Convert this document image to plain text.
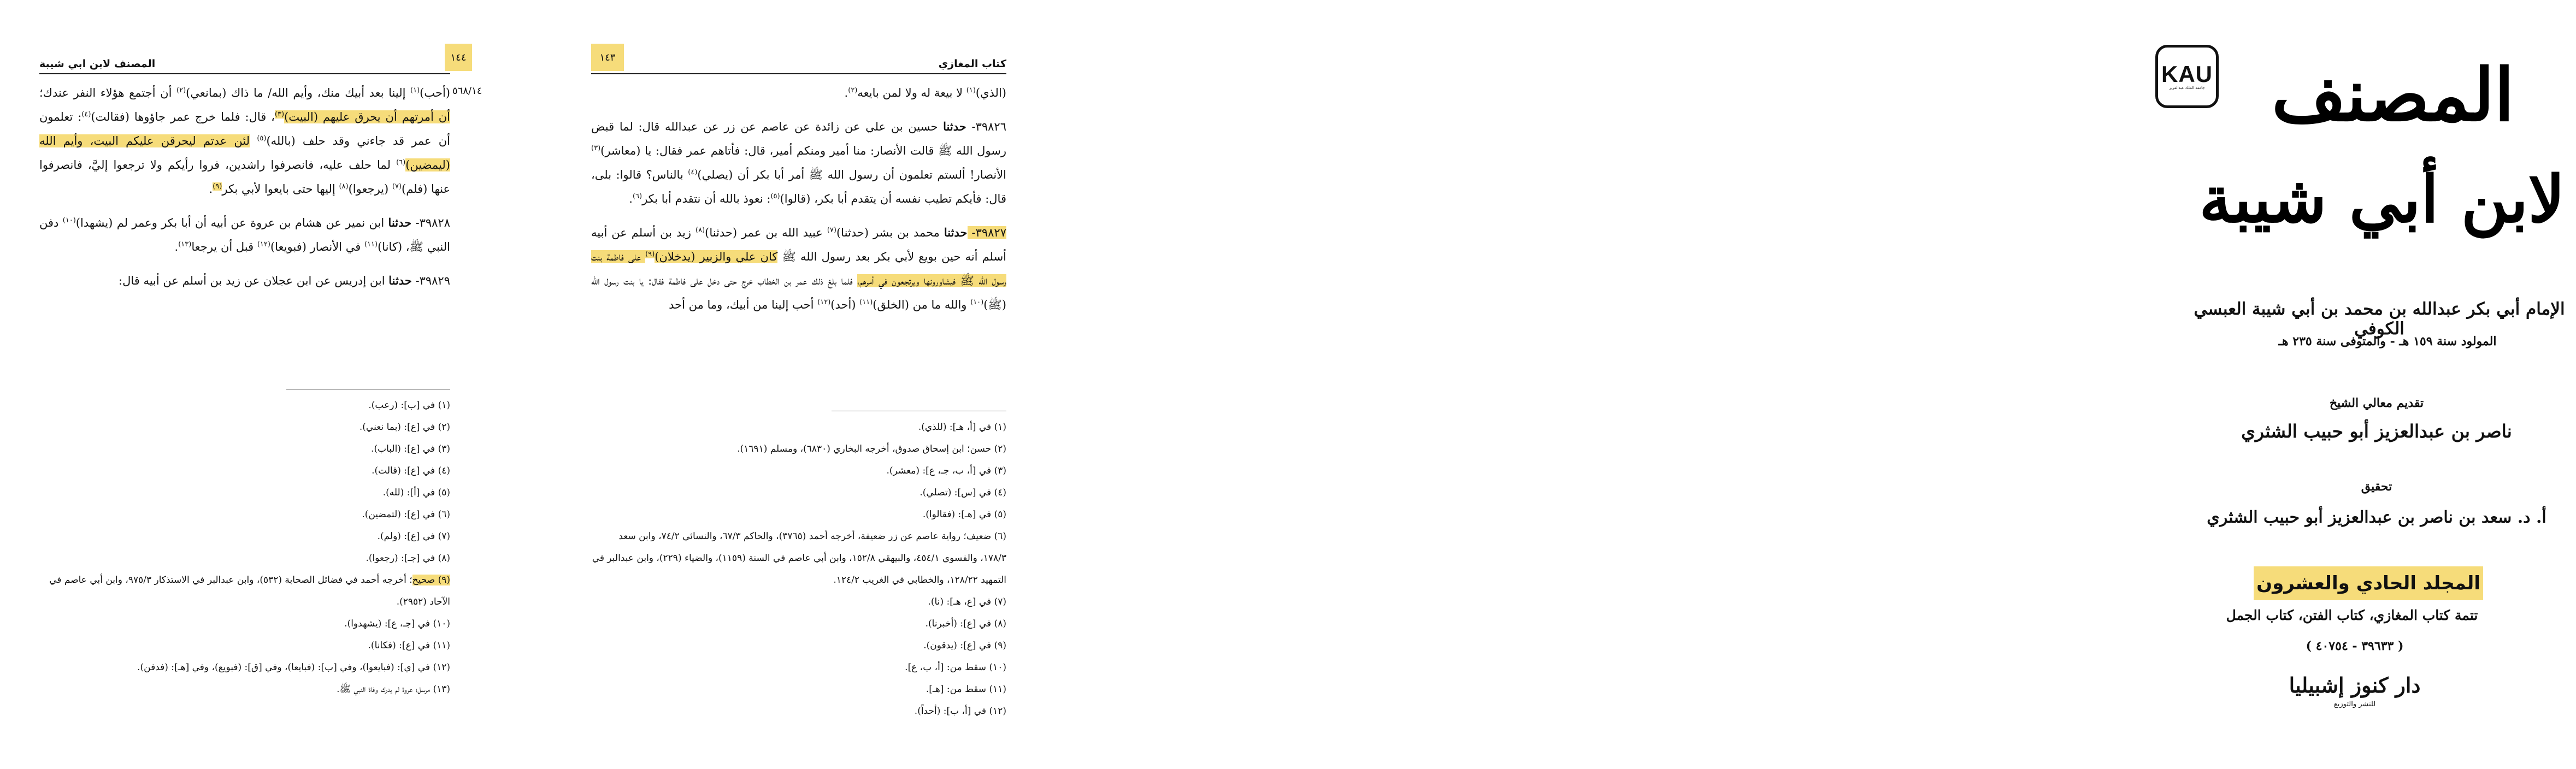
المصنف لابن ابي شيبة
١٤٤
٥٦٨/١٤

(أحب)$^{(١)}$ إلينا بعد أبيك منك، وأيم الله/ ما ذاك (بمانعي)$^{(٢)}$ أن أجتمع هؤلاء النفر عندك؛ أن أمرتهم أن يحرق عليهم (البيت)$^{(٣)}$، قال: فلما خرج عمر جاؤوها (فقالت)$^{(٤)}$: تعلمون أن عمر قد جاءني وقد حلف (بالله)$^{(٥)}$ لئن عدتم ليحرقن عليكم البيت، وأيم الله (ليمضين)$^{(٦)}$ لما حلف عليه، فانصرفوا راشدين، فروا رأيكم ولا ترجعوا إليَّ، فانصرفوا عنها (فلم)$^{(٧)}$ (يرجعوا)$^{(٨)}$ إليها حتى بايعوا لأبي بكر$^{(٩)}$.

٣٩٨٢٨- حدثنا ابن نمير عن هشام بن عروة عن أبيه أن أبا بكر وعمر لم (يشهدا)$^{(١٠)}$ دفن النبي ﷺ، (كانا)$^{(١١)}$ في الأنصار (فبويعا)$^{(١٢)}$ قبل أن يرجعا$^{(١٣)}$.

٣٩٨٢٩- حدثنا ابن إدريس عن ابن عجلان عن زيد بن أسلم عن أبيه قال:

(١) في [ب]: (رعب).
(٢) في [ع]: (بما نعني).
(٣) في [ع]: (الباب).
(٤) في [ع]: (قالت).
(٥) في [أ]: (لله).
(٦) في [ع]: (لتمضين).
(٧) في [ع]: (ولم).
(٨) في [جـ]: (رجعوا).
(٩) صحيح؛ أخرجه أحمد في فضائل الصحابة (٥٣٢)، وابن عبدالبر في الاستذكار ٩٧٥/٣، وابن أبي عاصم في الآحاد (٢٩٥٢).
(١٠) في [جـ، ع]: (يشهدوا).
(١١) في [ع]: (فكانا).
(١٢) في [ي]: (فبايعوا)، وفي [ب]: (فبايعا)، وفي [ق]: (فبويع)، وفي [هـ]: (فدفن).
(١٣) مرسل؛ عروة لم يدرك وفاة النبي ﷺ.
كتاب المغازي
١٤٣

(الذي)$^{(١)}$ لا بيعة له ولا لمن بايعه$^{(٢)}$.

٣٩٨٢٦- حدثنا حسين بن علي عن زائدة عن عاصم عن زر عن عبدالله قال: لما قبض رسول الله ﷺ قالت الأنصار: منا أمير ومنكم أمير، قال: فأتاهم عمر فقال: يا (معاشر)$^{(٣)}$ الأنصار! ألستم تعلمون أن رسول الله ﷺ أمر أبا بكر أن (يصلي)$^{(٤)}$ بالناس؟ قالوا: بلى، قال: فأيكم تطيب نفسه أن يتقدم أبا بكر، (قالوا)$^{(٥)}$: نعوذ بالله أن نتقدم أبا بكر$^{(٦)}$.

٣٩٨٢٧- حدثنا محمد بن بشر (حدثنا)$^{(٧)}$ عبيد الله بن عمر (حدثنا)$^{(٨)}$ زيد بن أسلم عن أبيه أسلم أنه حين بويع لأبي بكر بعد رسول الله ﷺ كان علي والزبير (يدخلان)$^{(٩)}$ على فاطمة بنت رسول الله ﷺ فيشاورونها ويرتجعون في أمرهم، فلما بلغ ذلك عمر بن الخطاب خرج حتى دخل على فاطمة فقال: يا بنت رسول الله (ﷺ)$^{(١٠)}$ والله ما من (الخلق)$^{(١١)}$ (أحد)$^{(١٢)}$ أحب إلينا من أبيك، وما من أحد

(١) في [أ، هـ]: (للذي).
(٢) حسن؛ ابن إسحاق صدوق، أخرجه البخاري (٦٨٣٠)، ومسلم (١٦٩١).
(٣) في [أ، ب، جـ، ع]: (معشر).
(٤) في [س]: (تصلي).
(٥) في [هـ]: (فقالوا).
(٦) ضعيف؛ رواية عاصم عن زر ضعيفة، أخرجه أحمد (٣٧٦٥)، والحاكم ٦٧/٣، والنسائي ٧٤/٢، وابن سعد ١٧٨/٣، والفسوي ٤٥٤/١، والبيهقي ١٥٢/٨، وابن أبي عاصم في السنة (١١٥٩)، والضياء (٢٢٩)، وابن عبدالبر في التمهيد ١٢٨/٢٢، والخطابي في الغريب ١٢٤/٢.
(٧) في [ع، هـ]: (نا).
(٨) في [ع]: (أخبرنا).
(٩) في [ع]: (يدقون).
(١٠) سقط من: [أ، ب، ع].
(١١) سقط من: [هـ].
(١٢) في [أ، ب]: (أحداً).
KAU
جامعة الملك عبدالعزيز المصنف
لابن أبي شيبة
الإمام أبي بكر عبدالله بن محمد بن أبي شيبة العبسي الكوفي
المولود سنة ١٥٩ هـ - والمتوفى سنة ٢٣٥ هـ
تقديم معالي الشيخ
ناصر بن عبدالعزيز أبو حبيب الشثري
تحقيق
أ. د. سعد بن ناصر بن عبدالعزيز أبو حبيب الشثري
المجلد الحادي والعشرون
تتمة كتاب المغازي، كتاب الفتن، كتاب الجمل
( ٣٩٦٣٣ - ٤٠٧٥٤ )
دار كنوز إشبيليا
للنشر والتوزيع
